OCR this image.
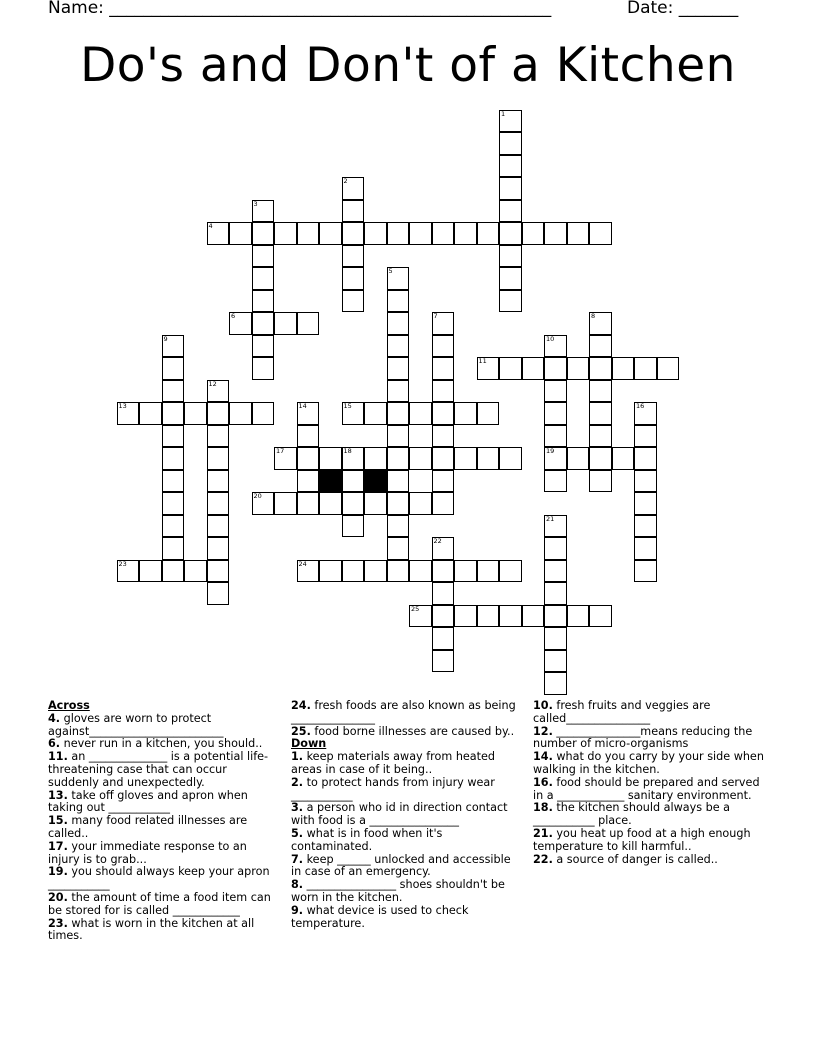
Name: ____________________________________________________	Date: _______
Do's and Don't of a Kitchen
1
2
3
4
5
6	7	8
9	10
19
11
12
13	14	15	16
17	18
20
21
22
23	24
25
Across
4. gloves are worn to protect against________________________
6. never run in a kitchen, you should..
11. an ______________ is a potential life-threatening case that can occur suddenly and unexpectedly.
13. take off gloves and apron when taking out ___________
15. many food related illnesses are called..
17. your immediate response to an injury is to grab...
19. you should always keep your apron ___________
20. the amount of time a food item can be stored for is called ____________
23. what is worn in the kitchen at all times.
24. fresh foods are also known as being _______________
25. food borne illnesses are caused by..
Down
1. keep materials away from heated areas in case of it being..
2. to protect hands from injury wear ___________
3. a person who id in direction contact with food is a ________________
5. what is in food when it's contaminated.
7. keep ______ unlocked and accessible in case of an emergency.
8. ________________ shoes shouldn't be worn in the kitchen.
9. what device is used to check temperature.
10. fresh fruits and veggies are called_______________
12. _______________means reducing the number of micro-organisms
14. what do you carry by your side when walking in the kitchen.
16. food should be prepared and served in a ____________ sanitary environment.
18. the kitchen should always be a ___________ place.
21. you heat up food at a high enough temperature to kill harmful..
22. a source of danger is called..
